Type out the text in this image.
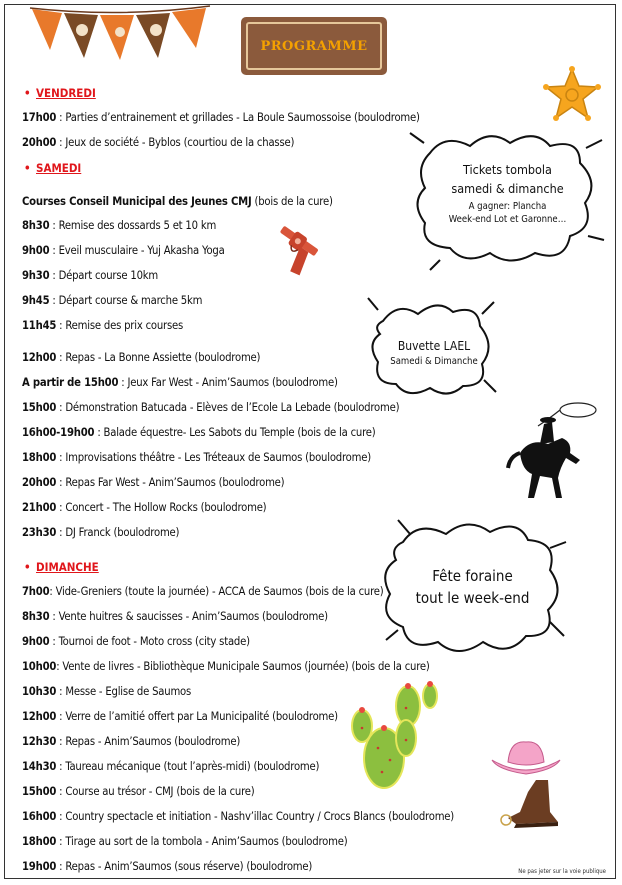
PROGRAMME
Tickets tombola
samedi & dimanche
A gagner: Plancha
Week-end Lot et Garonne…
Buvette LAEL
Samedi & Dimanche
Fête foraine
tout le week-end
• VENDREDI
17h00 : Parties d’entrainement et grillades - La Boule Saumossoise (boulodrome)
20h00 : Jeux de société - Byblos (courtiou de la chasse)
• SAMEDI
Courses Conseil Municipal des Jeunes CMJ (bois de la cure)
8h30 : Remise des dossards 5 et 10 km
9h00 : Eveil musculaire - Yuj Akasha Yoga
9h30 : Départ course 10km
9h45 : Départ course & marche 5km
11h45 : Remise des prix courses
12h00 : Repas - La Bonne Assiette (boulodrome)
A partir de 15h00 : Jeux Far West - Anim’Saumos (boulodrome)
15h00 : Démonstration Batucada - Elèves de l’Ecole La Lebade (boulodrome)
16h00-19h00 : Balade équestre- Les Sabots du Temple (bois de la cure)
18h00 : Improvisations théâtre - Les Tréteaux de Saumos (boulodrome)
20h00 : Repas Far West - Anim’Saumos (boulodrome)
21h00 : Concert - The Hollow Rocks (boulodrome)
23h30 : DJ Franck (boulodrome)
• DIMANCHE
7h00: Vide-Greniers (toute la journée) - ACCA de Saumos (bois de la cure)
8h30 : Vente huitres & saucisses - Anim’Saumos (boulodrome)
9h00 : Tournoi de foot - Moto cross (city stade)
10h00: Vente de livres - Bibliothèque Municipale Saumos (journée) (bois de la cure)
10h30 : Messe - Eglise de Saumos
12h00 : Verre de l’amitié offert par La Municipalité (boulodrome)
12h30 : Repas - Anim’Saumos (boulodrome)
14h30 : Taureau mécanique (tout l’après-midi) (boulodrome)
15h00 : Course au trésor - CMJ (bois de la cure)
16h00 : Country spectacle et initiation - Nashv’illac Country / Crocs Blancs (boulodrome)
18h00 : Tirage au sort de la tombola - Anim’Saumos (boulodrome)
19h00 : Repas - Anim’Saumos (sous réserve) (boulodrome)	Ne pas jeter sur la voie publique
